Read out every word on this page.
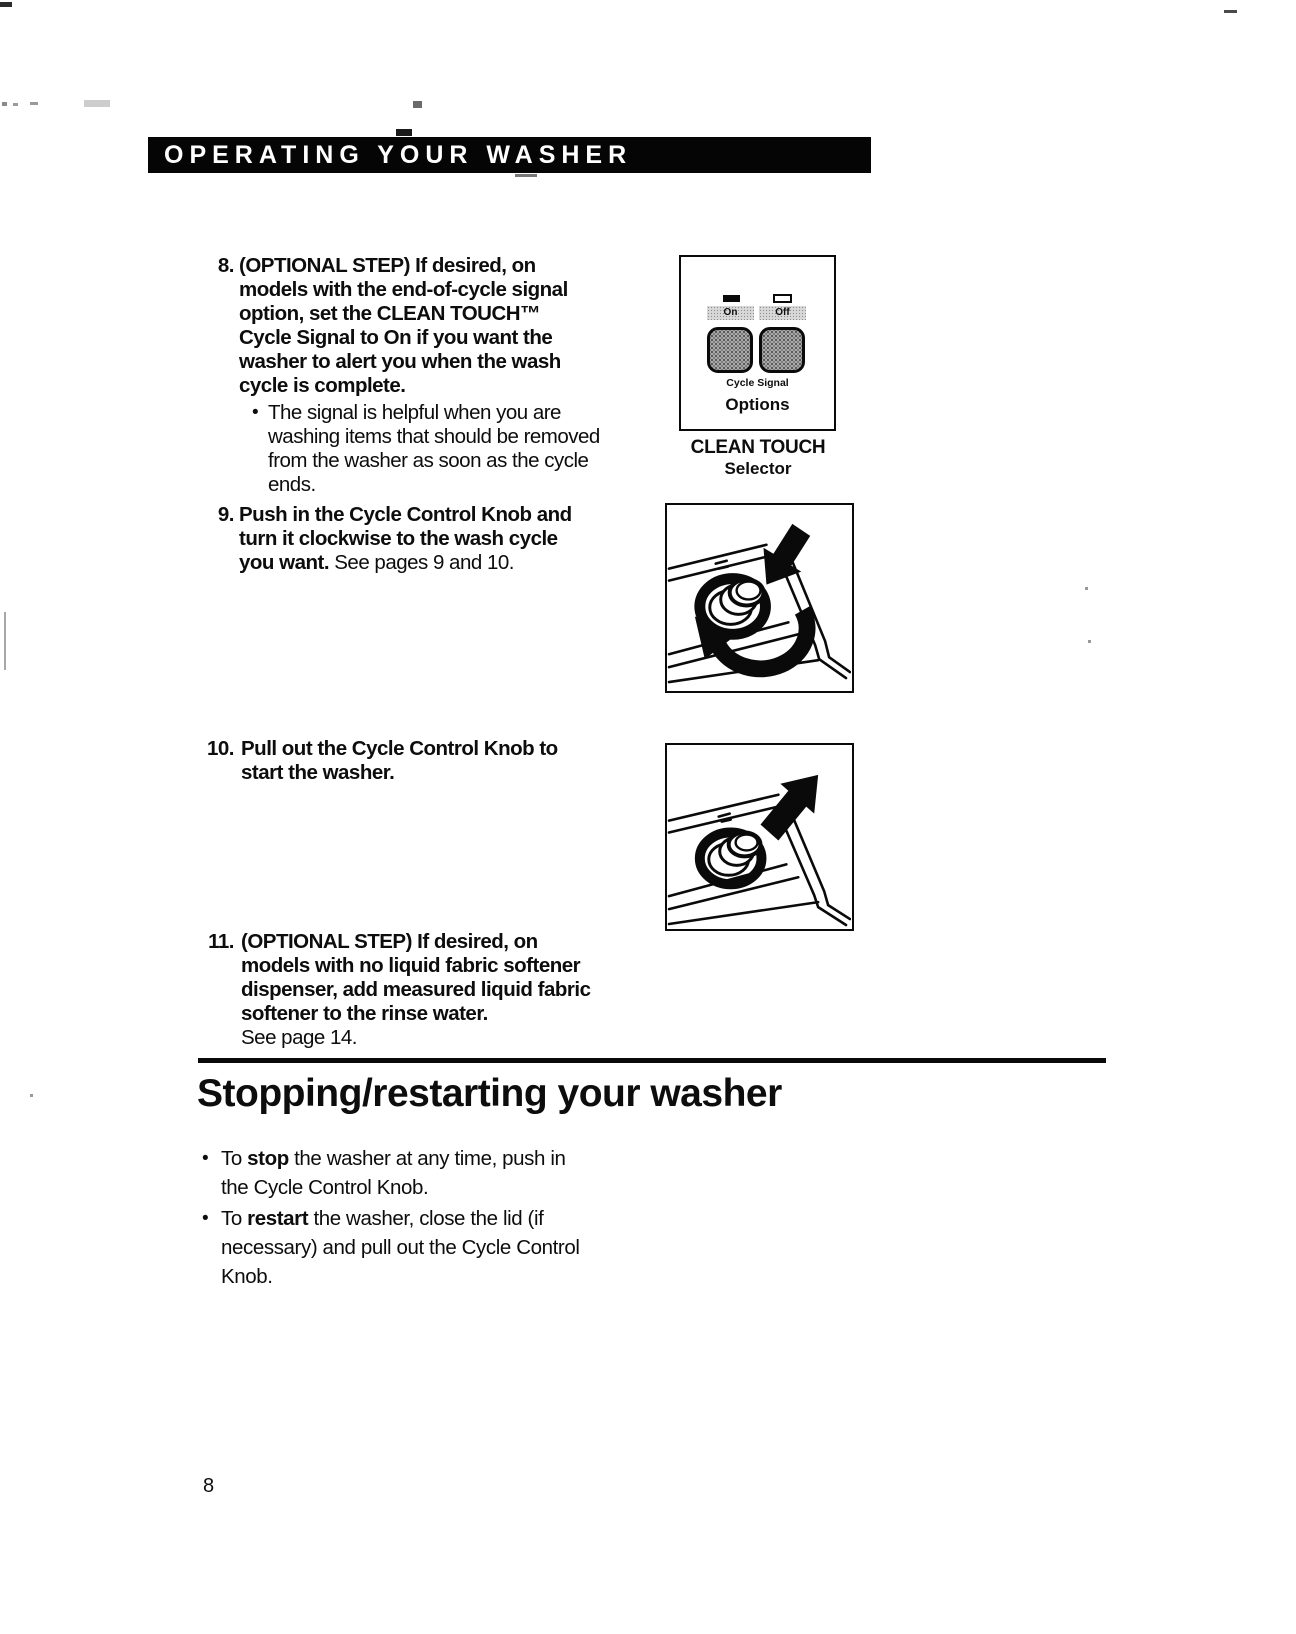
OPERATING YOUR WASHER
8. (OPTIONAL STEP) If desired, on
models with the end-of-cycle signal
option, set the CLEAN TOUCH™
Cycle Signal to On if you want the
washer to alert you when the wash
cycle is complete.
• The signal is helpful when you are
washing items that should be removed
from the washer as soon as the cycle
ends.
On	Off
Cycle Signal
Options
CLEAN TOUCH
Selector
9. Push in the Cycle Control Knob and
turn it clockwise to the wash cycle
you want. See pages 9 and 10.
10. Pull out the Cycle Control Knob to
start the washer.
11. (OPTIONAL STEP) If desired, on
models with no liquid fabric softener
dispenser, add measured liquid fabric
softener to the rinse water.
See page 14.
Stopping/restarting your washer
• To stop the washer at any time, push in
the Cycle Control Knob.
• To restart the washer, close the lid (if
necessary) and pull out the Cycle Control
Knob.
8
